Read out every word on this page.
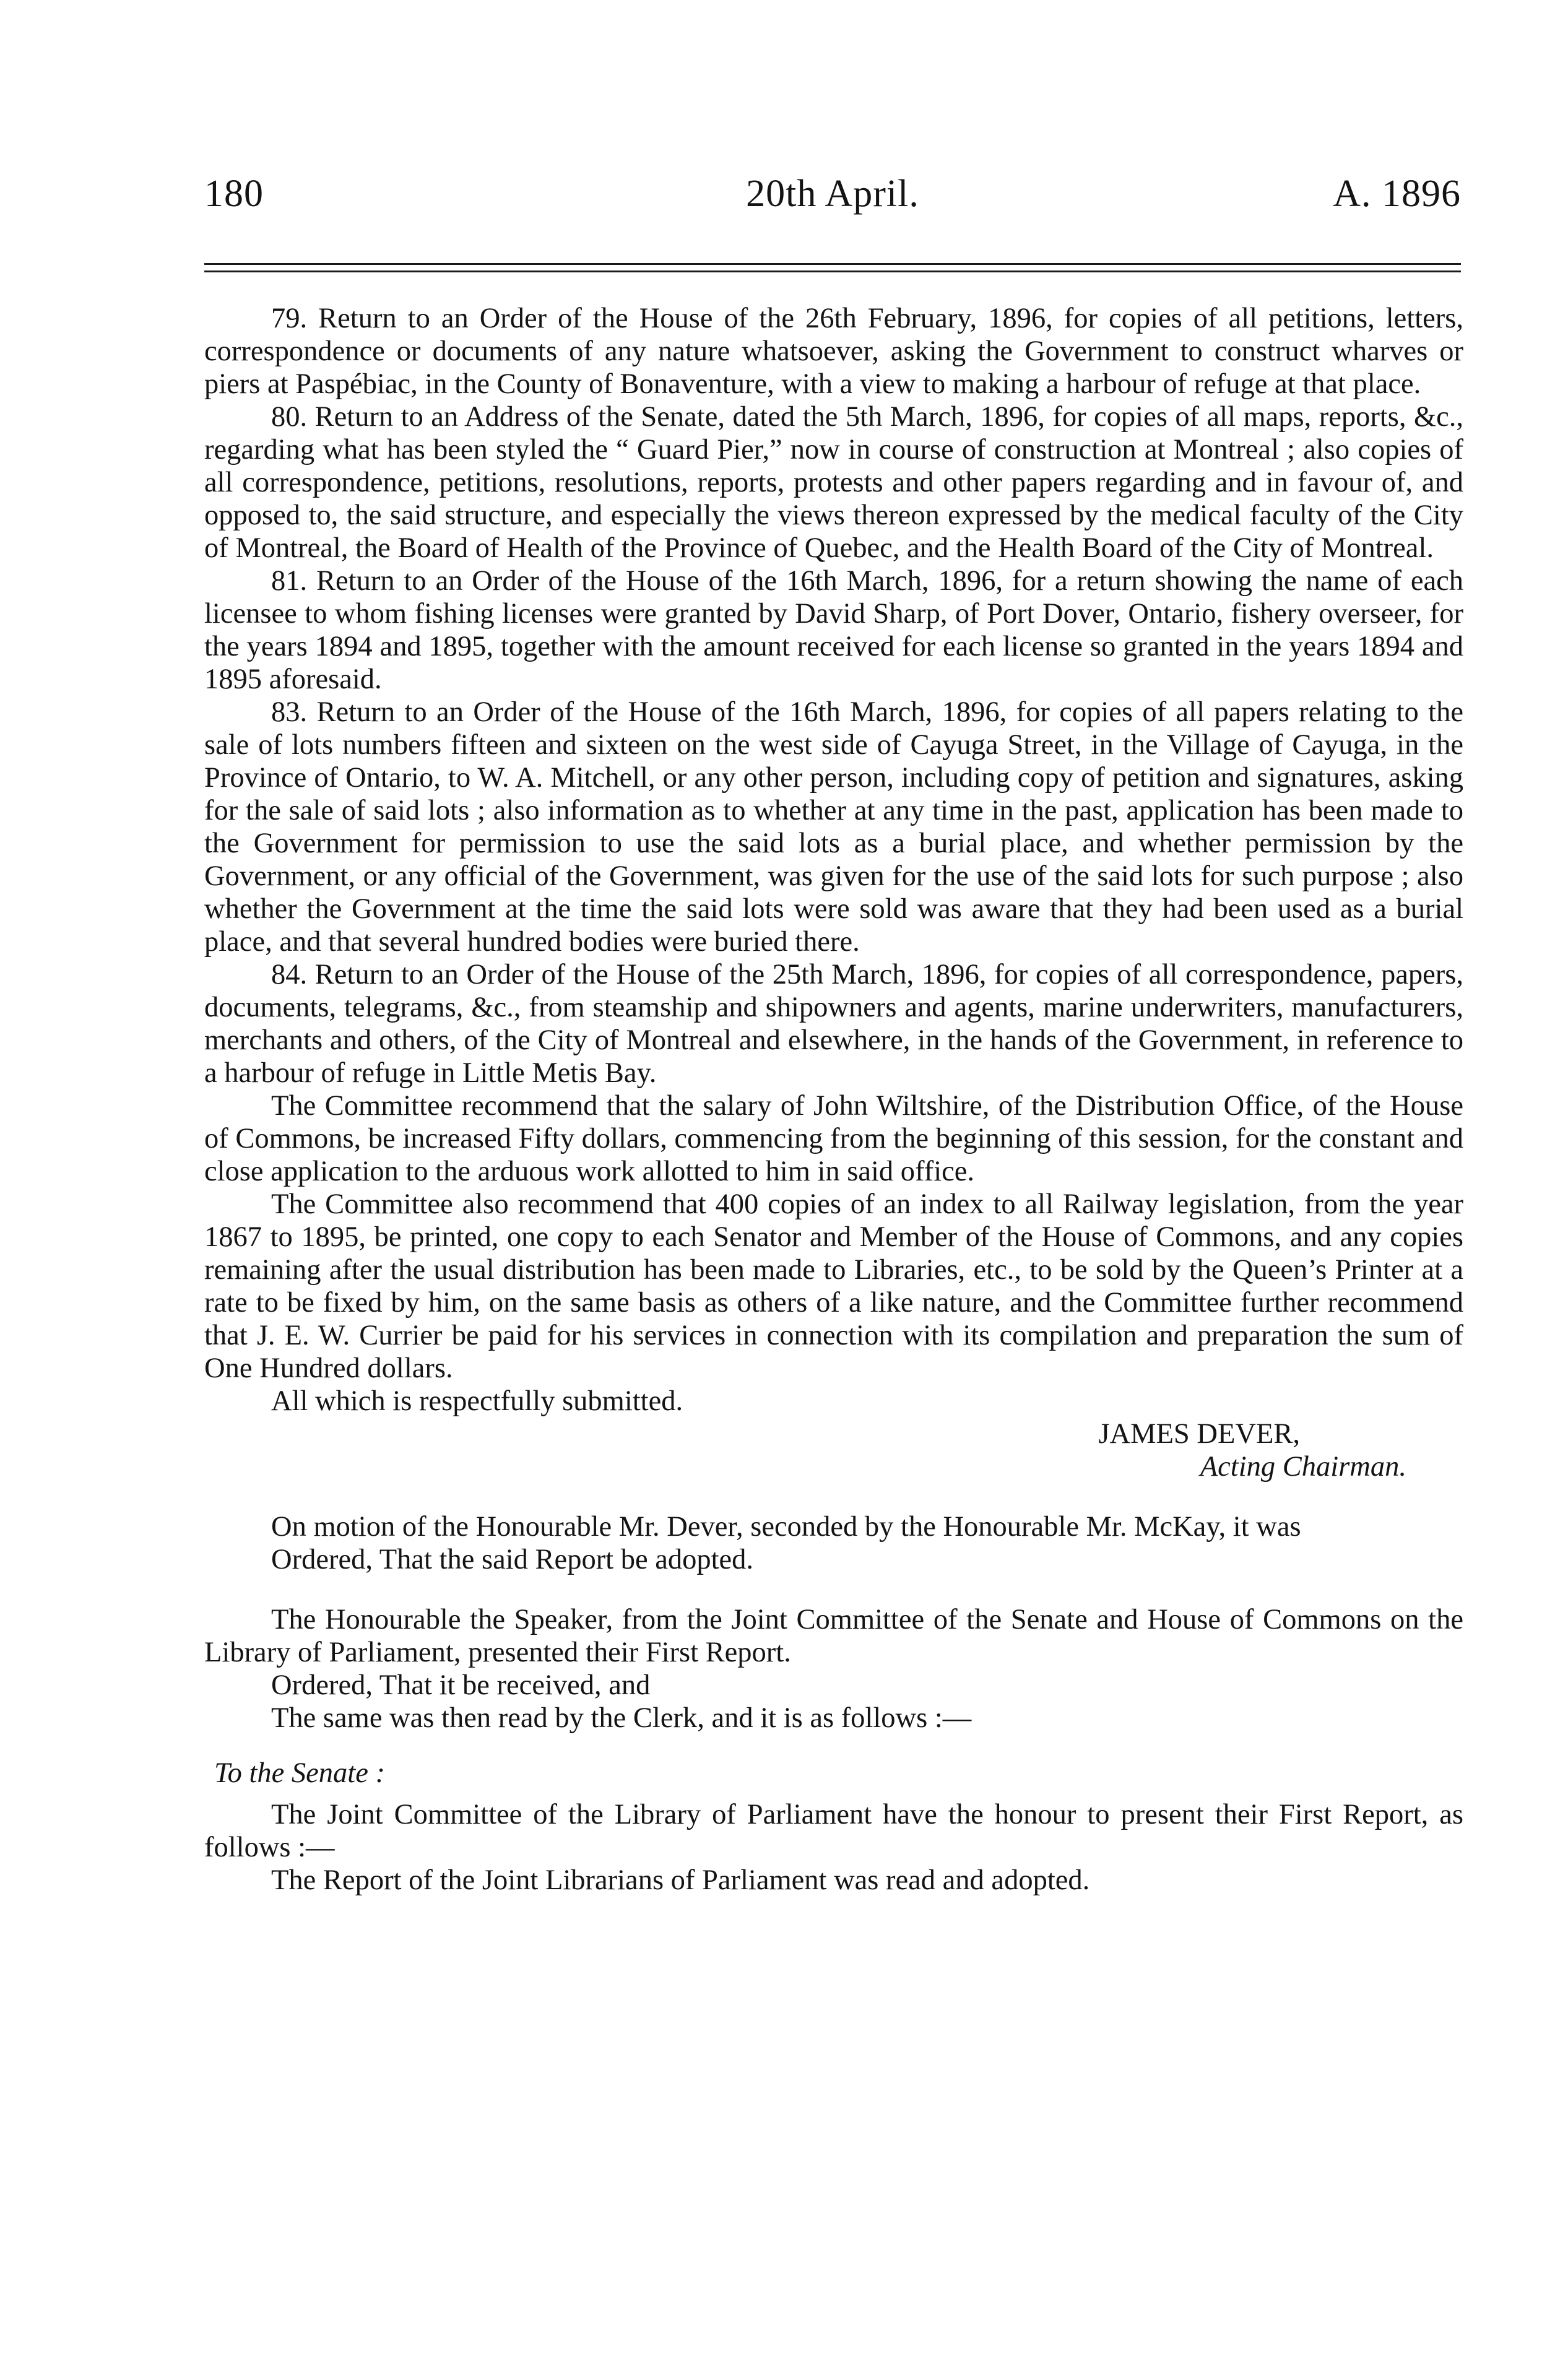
180	20th April.	A. 1896

79. Return to an Order of the House of the 26th February, 1896, for copies of all petitions, letters, correspondence or documents of any nature whatsoever, asking the Government to construct wharves or piers at Paspébiac, in the County of Bonaventure, with a view to making a harbour of refuge at that place.

80. Return to an Address of the Senate, dated the 5th March, 1896, for copies of all maps, reports, &c., regarding what has been styled the “ Guard Pier,” now in course of construction at Montreal ; also copies of all correspondence, petitions, resolutions, reports, protests and other papers regarding and in favour of, and opposed to, the said structure, and especially the views thereon expressed by the medical faculty of the City of Montreal, the Board of Health of the Province of Quebec, and the Health Board of the City of Montreal.

81. Return to an Order of the House of the 16th March, 1896, for a return showing the name of each licensee to whom fishing licenses were granted by David Sharp, of Port Dover, Ontario, fishery overseer, for the years 1894 and 1895, together with the amount received for each license so granted in the years 1894 and 1895 aforesaid.

83. Return to an Order of the House of the 16th March, 1896, for copies of all papers relating to the sale of lots numbers fifteen and sixteen on the west side of Cayuga Street, in the Village of Cayuga, in the Province of Ontario, to W. A. Mitchell, or any other person, including copy of petition and signatures, asking for the sale of said lots ; also information as to whether at any time in the past, application has been made to the Government for permission to use the said lots as a burial place, and whether permission by the Government, or any official of the Government, was given for the use of the said lots for such purpose ; also whether the Government at the time the said lots were sold was aware that they had been used as a burial place, and that several hundred bodies were buried there.

84. Return to an Order of the House of the 25th March, 1896, for copies of all correspondence, papers, documents, telegrams, &c., from steamship and shipowners and agents, marine underwriters, manufacturers, merchants and others, of the City of Montreal and elsewhere, in the hands of the Government, in reference to a harbour of refuge in Little Metis Bay.

The Committee recommend that the salary of John Wiltshire, of the Distribution Office, of the House of Commons, be increased Fifty dollars, commencing from the beginning of this session, for the constant and close application to the arduous work allotted to him in said office.

The Committee also recommend that 400 copies of an index to all Railway legislation, from the year 1867 to 1895, be printed, one copy to each Senator and Member of the House of Commons, and any copies remaining after the usual distribution has been made to Libraries, etc., to be sold by the Queen’s Printer at a rate to be fixed by him, on the same basis as others of a like nature, and the Committee further recommend that J. E. W. Currier be paid for his services in connection with its compilation and preparation the sum of One Hundred dollars.

All which is respectfully submitted.

JAMES DEVER,

Acting Chairman.

On motion of the Honourable Mr. Dever, seconded by the Honourable Mr. McKay, it was

Ordered, That the said Report be adopted.

The Honourable the Speaker, from the Joint Committee of the Senate and House of Commons on the Library of Parliament, presented their First Report.

Ordered, That it be received, and

The same was then read by the Clerk, and it is as follows :—

To the Senate :

The Joint Committee of the Library of Parliament have the honour to present their First Report, as follows :—

The Report of the Joint Librarians of Parliament was read and adopted.
